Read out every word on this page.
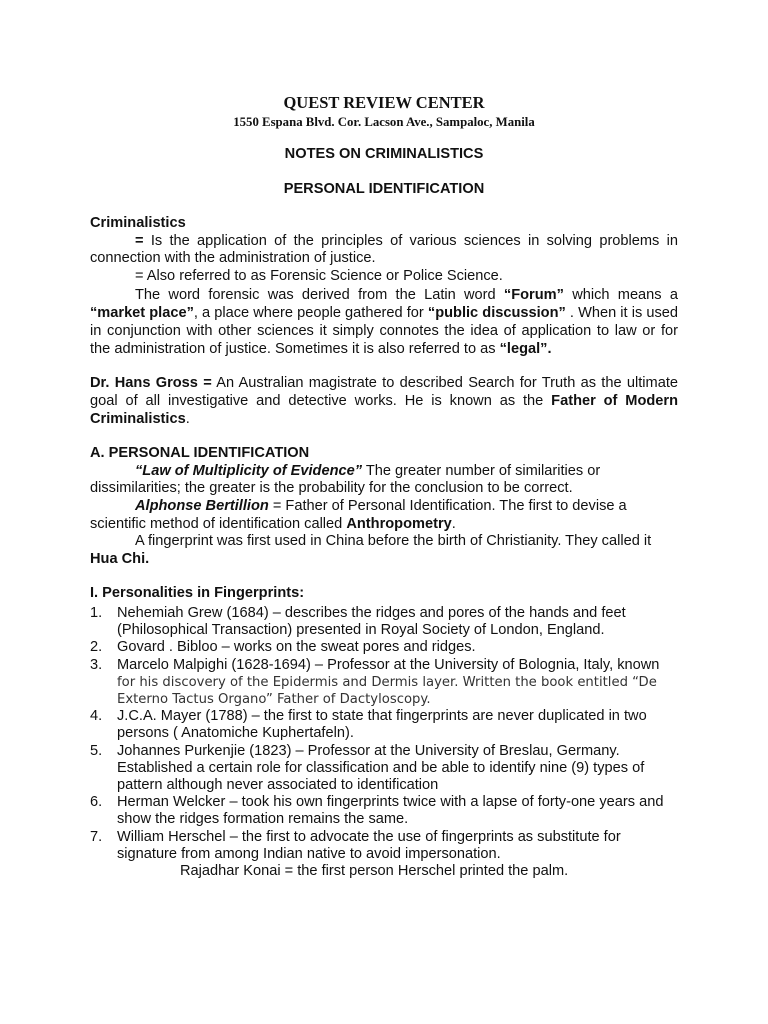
QUEST REVIEW CENTER
1550 Espana Blvd. Cor. Lacson Ave., Sampaloc, Manila
NOTES ON CRIMINALISTICS
PERSONAL IDENTIFICATION
Criminalistics
= Is the application of the principles of various sciences in solving problems in connection with the administration of justice.
= Also referred to as Forensic Science or Police Science.
The word forensic was derived from the Latin word “Forum” which means a “market place”, a place where people gathered for “public discussion” . When it is used in conjunction with other sciences it simply connotes the idea of application to law or for the administration of justice. Sometimes it is also referred to as “legal”.
Dr. Hans Gross = An Australian magistrate to described Search for Truth as the ultimate goal of all investigative and detective works. He is known as the Father of Modern Criminalistics.
A. PERSONAL IDENTIFICATION
“Law of Multiplicity of Evidence” The greater number of similarities or dissimilarities; the greater is the probability for the conclusion to be correct.
Alphonse Bertillion = Father of Personal Identification. The first to devise a scientific method of identification called Anthropometry.
A fingerprint was first used in China before the birth of Christianity. They called it Hua Chi.
I. Personalities in Fingerprints:
1.	Nehemiah Grew (1684) – describes the ridges and pores of the hands and feet (Philosophical Transaction) presented in Royal Society of London, England.
2.	Govard . Bibloo – works on the sweat pores and ridges.
3.	Marcelo Malpighi (1628-1694) – Professor at the University of Bolognia, Italy, known
for his discovery of the Epidermis and Dermis layer. Written the book entitled “De Externo Tactus Organo” Father of Dactyloscopy.
4.	J.C.A. Mayer (1788) – the first to state that fingerprints are never duplicated in two persons ( Anatomiche Kuphertafeln).
5.	Johannes Purkenjie (1823) – Professor at the University of Breslau, Germany. Established a certain role for classification and be able to identify nine (9) types of pattern although never associated to identification
6.	Herman Welcker – took his own fingerprints twice with a lapse of forty-one years and show the ridges formation remains the same.
7.	William Herschel – the first to advocate the use of fingerprints as substitute for signature from among Indian native to avoid impersonation.
Rajadhar Konai = the first person Herschel printed the palm.
